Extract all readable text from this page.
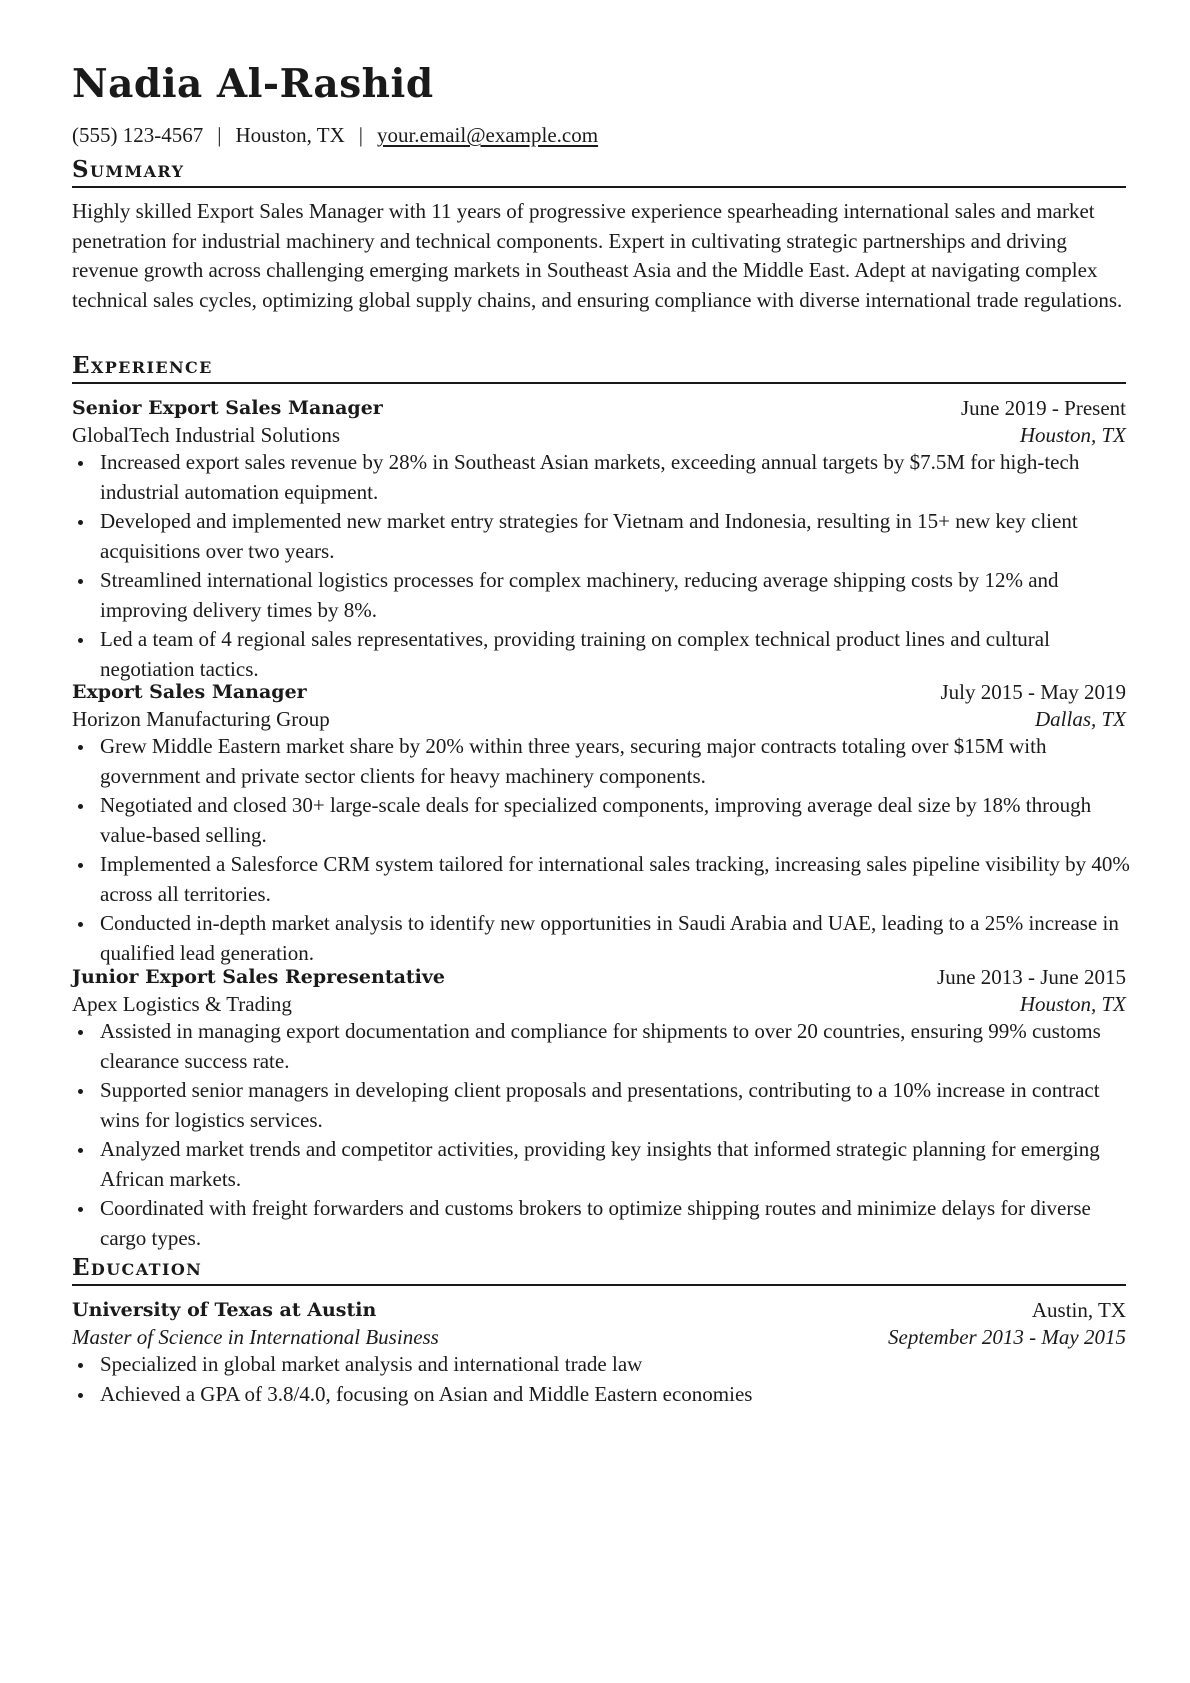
Nadia Al-Rashid
(555) 123-4567 | Houston, TX | your.email@example.com
Summary

Highly skilled Export Sales Manager with 11 years of progressive experience spearheading international sales and market penetration for industrial machinery and technical components. Expert in cultivating strategic partnerships and driving revenue growth across challenging emerging markets in Southeast Asia and the Middle East. Adept at navigating complex technical sales cycles, optimizing global supply chains, and ensuring compliance with diverse international trade regulations.

Experience
Senior Export Sales Manager	June 2019 - Present
GlobalTech Industrial Solutions	Houston, TX
Increased export sales revenue by 28% in Southeast Asian markets, exceeding annual targets by $7.5M for high-tech industrial automation equipment.
Developed and implemented new market entry strategies for Vietnam and Indonesia, resulting in 15+ new key client acquisitions over two years.
Streamlined international logistics processes for complex machinery, reducing average shipping costs by 12% and improving delivery times by 8%.
Led a team of 4 regional sales representatives, providing training on complex technical product lines and cultural negotiation tactics.
Export Sales Manager	July 2015 - May 2019
Horizon Manufacturing Group	Dallas, TX
Grew Middle Eastern market share by 20% within three years, securing major contracts totaling over $15M with government and private sector clients for heavy machinery components.
Negotiated and closed 30+ large-scale deals for specialized components, improving average deal size by 18% through value-based selling.
Implemented a Salesforce CRM system tailored for international sales tracking, increasing sales pipeline visibility by 40% across all territories.
Conducted in-depth market analysis to identify new opportunities in Saudi Arabia and UAE, leading to a 25% increase in qualified lead generation.
Junior Export Sales Representative	June 2013 - June 2015
Apex Logistics & Trading	Houston, TX
Assisted in managing export documentation and compliance for shipments to over 20 countries, ensuring 99% customs clearance success rate.
Supported senior managers in developing client proposals and presentations, contributing to a 10% increase in contract wins for logistics services.
Analyzed market trends and competitor activities, providing key insights that informed strategic planning for emerging African markets.
Coordinated with freight forwarders and customs brokers to optimize shipping routes and minimize delays for diverse cargo types.
Education
University of Texas at Austin	Austin, TX
Master of Science in International Business	September 2013 - May 2015
Specialized in global market analysis and international trade law
Achieved a GPA of 3.8/4.0, focusing on Asian and Middle Eastern economies
